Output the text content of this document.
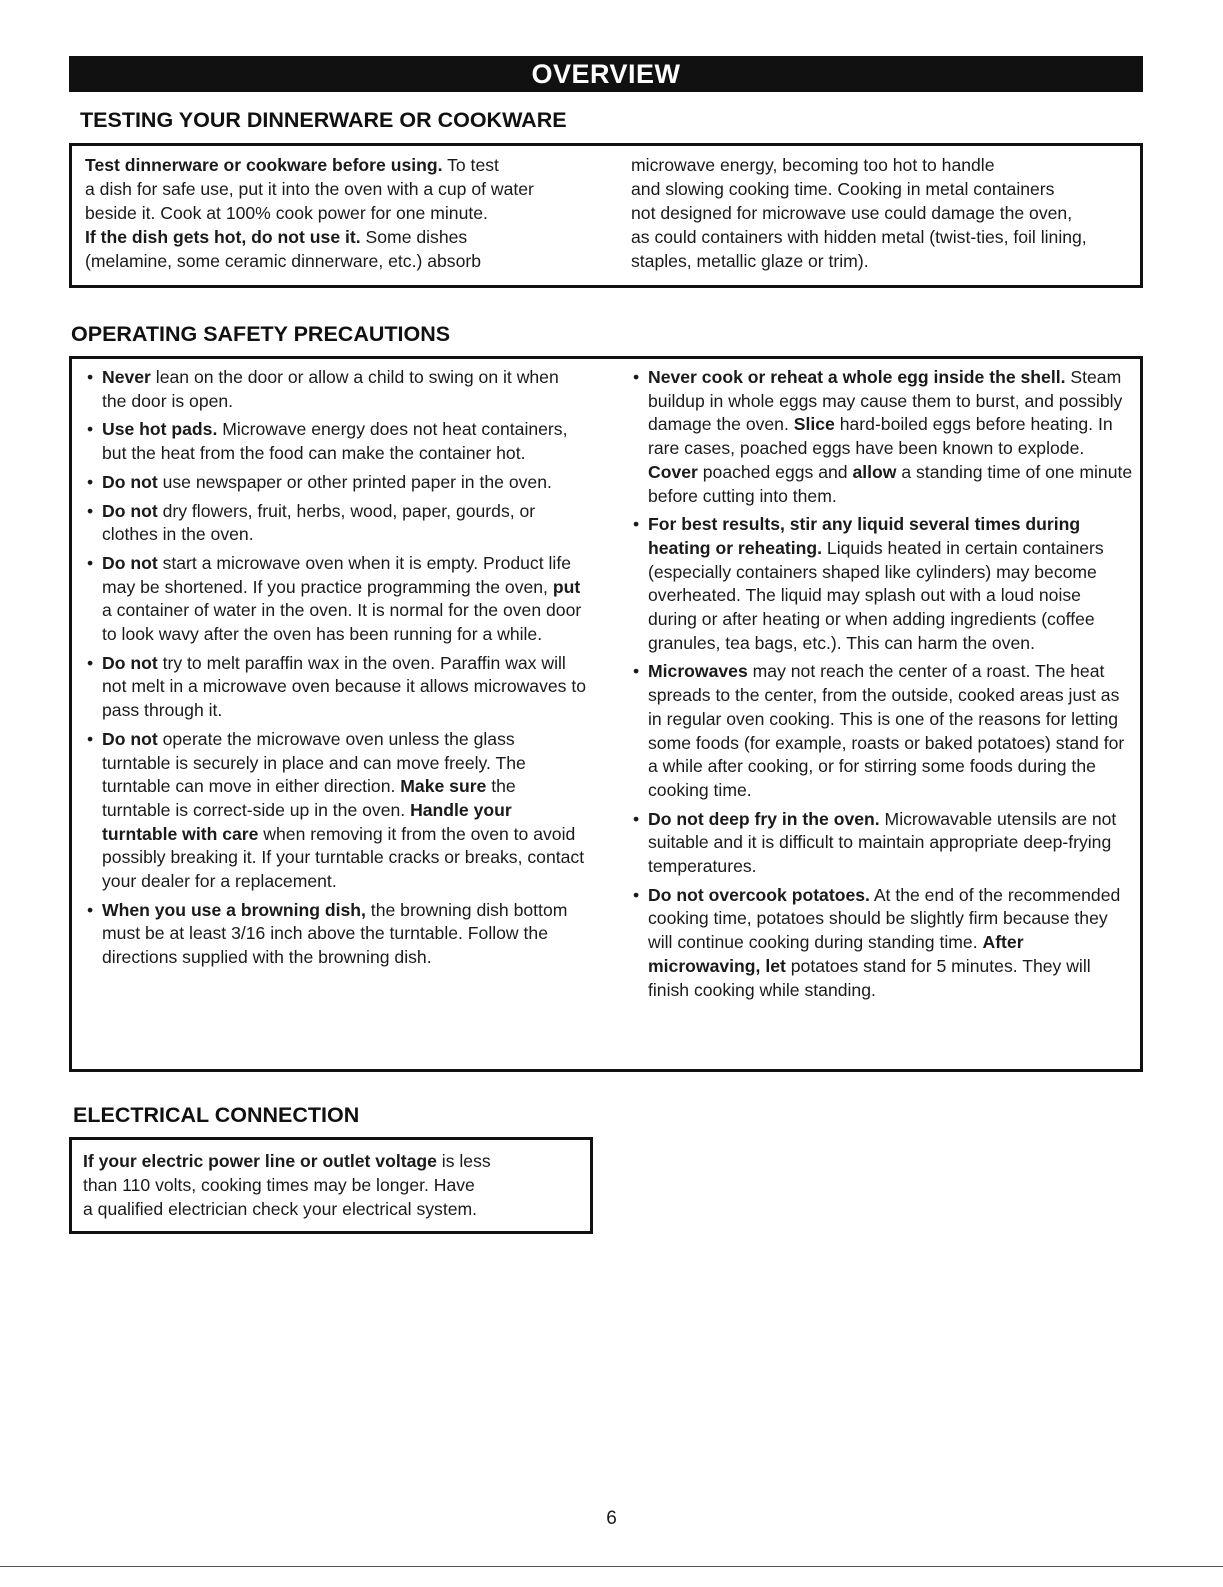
OVERVIEW
TESTING YOUR DINNERWARE OR COOKWARE

Test dinnerware or cookware before using. To test

a dish for safe use, put it into the oven with a cup of water

beside it. Cook at 100% cook power for one minute.

If the dish gets hot, do not use it. Some dishes

(melamine, some ceramic dinnerware, etc.) absorb

microwave energy, becoming too hot to handle

and slowing cooking time. Cooking in metal containers

not designed for microwave use could damage the oven,

as could containers with hidden metal (twist-ties, foil lining,

staples, metallic glaze or trim).

OPERATING SAFETY PRECAUTIONS
• Never lean on the door or allow a child to swing on it when the door is open.
• Use hot pads. Microwave energy does not heat containers, but the heat from the food can make the container hot.
• Do not use newspaper or other printed paper in the oven.
• Do not dry flowers, fruit, herbs, wood, paper, gourds, or clothes in the oven.
• Do not start a microwave oven when it is empty. Product life may be shortened. If you practice programming the oven, put a container of water in the oven. It is normal for the oven door to look wavy after the oven has been running for a while.
• Do not try to melt paraffin wax in the oven. Paraffin wax will not melt in a microwave oven because it allows microwaves to pass through it.
• Do not operate the microwave oven unless the glass turntable is securely in place and can move freely. The turntable can move in either direction. Make sure the turntable is correct-side up in the oven. Handle your turntable with care when removing it from the oven to avoid possibly breaking it. If your turntable cracks or breaks, contact your dealer for a replacement.
• When you use a browning dish, the browning dish bottom must be at least 3/16 inch above the turntable. Follow the directions supplied with the browning dish.
• Never cook or reheat a whole egg inside the shell. Steam buildup in whole eggs may cause them to burst, and possibly damage the oven. Slice hard-boiled eggs before heating. In rare cases, poached eggs have been known to explode. Cover poached eggs and allow a standing time of one minute before cutting into them.
• For best results, stir any liquid several times during heating or reheating. Liquids heated in certain containers (especially containers shaped like cylinders) may become overheated. The liquid may splash out with a loud noise during or after heating or when adding ingredients (coffee granules, tea bags, etc.). This can harm the oven.
• Microwaves may not reach the center of a roast. The heat spreads to the center, from the outside, cooked areas just as in regular oven cooking. This is one of the reasons for letting some foods (for example, roasts or baked potatoes) stand for a while after cooking, or for stirring some foods during the cooking time.
• Do not deep fry in the oven. Microwavable utensils are not suitable and it is difficult to maintain appropriate deep-frying temperatures.
• Do not overcook potatoes. At the end of the recommended cooking time, potatoes should be slightly firm because they will continue cooking during standing time. After microwaving, let potatoes stand for 5 minutes. They will finish cooking while standing.
ELECTRICAL CONNECTION

If your electric power line or outlet voltage is less

than 110 volts, cooking times may be longer. Have

a qualified electrician check your electrical system.

6
